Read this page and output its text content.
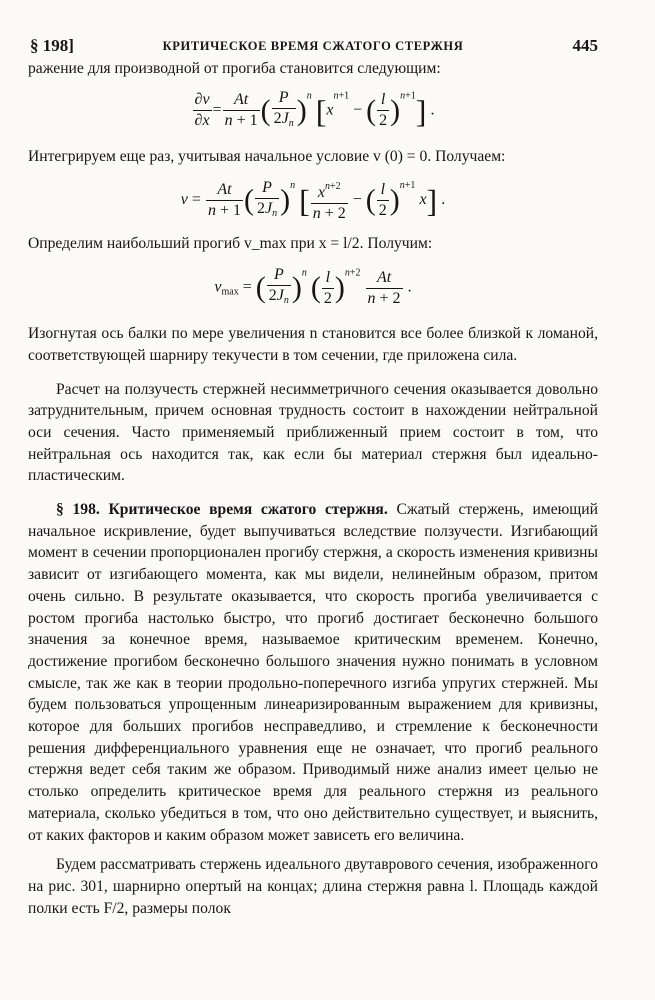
§ 198]	КРИТИЧЕСКОЕ ВРЕМЯ СЖАТОГО СТЕРЖНЯ	445

ражение для производной от прогиба становится следующим:

$\frac{\partial v}{\partial x} = \frac{At}{n + 1}$ ( $\frac{P}{2J_n} )^n$ [$x^{n+1}$ − ( $\frac{l}{2} )^{n+1}$] .

Интегрируем еще раз, учитывая начальное условие v (0) = 0. Получаем:

$v = \frac{At}{n + 1}$ ( $\frac{P}{2J_n} )^n$ [ $\frac{x^{n+2}}{n + 2}$ − ( $\frac{l}{2} )^{n+1}$ x] .

Определим наибольший прогиб v_max при x = l/2. Получим:

$v_{max}$ = ( $\frac{P}{2J_n} )^n$ ( $\frac{l}{2} )^{n+2} \frac{At}{n + 2}$ .

Изогнутая ось балки по мере увеличения n становится все более близкой к ломаной, соответствующей шарниру текучести в том сечении, где приложена сила.

Расчет на ползучесть стержней несимметричного сечения оказывается довольно затруднительным, причем основная трудность состоит в нахождении нейтральной оси сечения. Часто применяемый приближенный прием состоит в том, что нейтральная ось находится так, как если бы материал стержня был идеально-пластическим.

§ 198. Критическое время сжатого стержня. Сжатый стержень, имеющий начальное искривление, будет выпучиваться вследствие ползучести. Изгибающий момент в сечении пропорционален прогибу стержня, а скорость изменения кривизны зависит от изгибающего момента, как мы видели, нелинейным образом, притом очень сильно. В результате оказывается, что скорость прогиба увеличивается с ростом прогиба настолько быстро, что прогиб достигает бесконечно большого значения за конечное время, называемое критическим временем. Конечно, достижение прогибом бесконечно большого значения нужно понимать в условном смысле, так же как в теории продольно-поперечного изгиба упругих стержней. Мы будем пользоваться упрощенным линеаризированным выражением для кривизны, которое для больших прогибов несправедливо, и стремление к бесконечности решения дифференциального уравнения еще не означает, что прогиб реального стержня ведет себя таким же образом. Приводимый ниже анализ имеет целью не столько определить критическое время для реального стержня из реального материала, сколько убедиться в том, что оно действительно существует, и выяснить, от каких факторов и каким образом может зависеть его величина.

Будем рассматривать стержень идеального двутаврового сечения, изображенного на рис. 301, шарнирно опертый на концах; длина стержня равна l. Площадь каждой полки есть F/2, размеры полок
